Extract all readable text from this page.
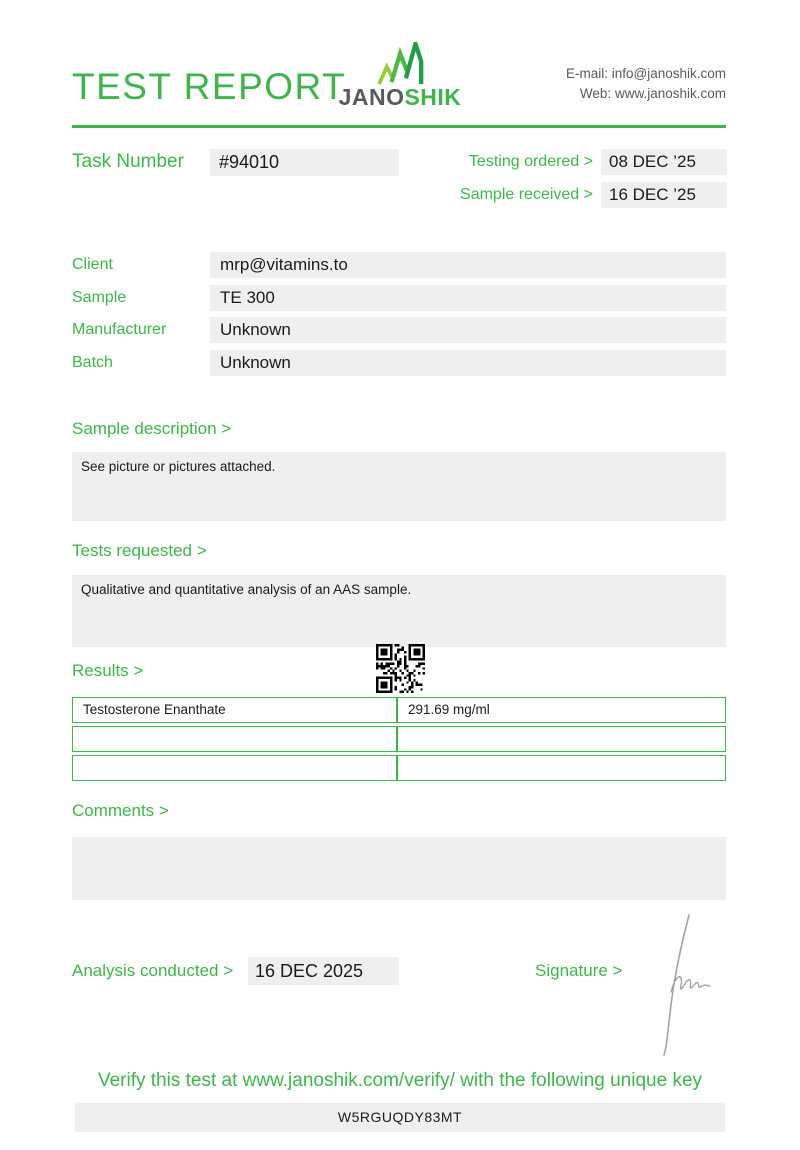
TEST REPORT
JANOSHIK
E-mail: info@janoshik.com
Web: www.janoshik.com
Task Number	#94010	Testing ordered > 08 DEC ’25
Sample received > 16 DEC ’25
Client	mrp@vitamins.to
Sample	TE 300
Manufacturer	Unknown
Batch	Unknown
Sample description >
See picture or pictures attached.
Tests requested >
Qualitative and quantitative analysis of an AAS sample.
Results >
Testosterone Enanthate	291.69 mg/ml
Comments >
Analysis conducted >	16 DEC 2025	Signature >
Verify this test at www.janoshik.com/verify/ with the following unique key
W5RGUQDY83MT
